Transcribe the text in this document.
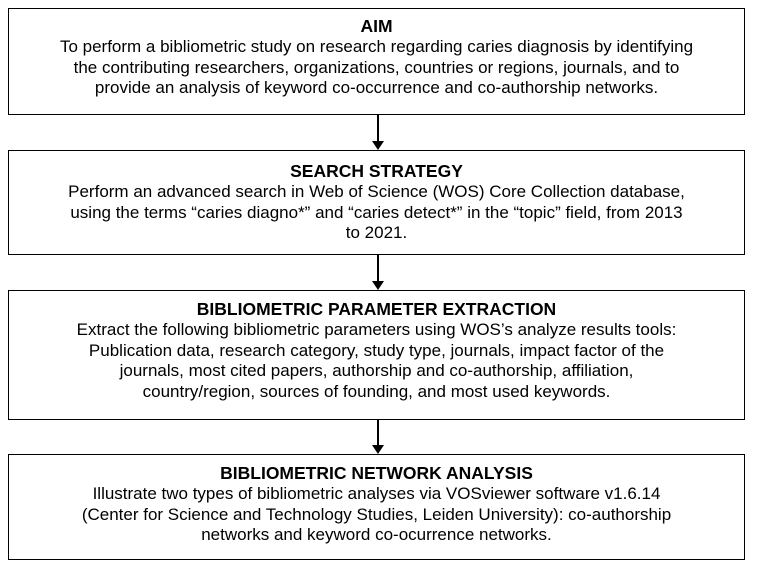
AIM
To perform a bibliometric study on research regarding caries diagnosis by identifying
the contributing researchers, organizations, countries or regions, journals, and to
provide an analysis of keyword co-occurrence and co-authorship networks.
SEARCH STRATEGY
Perform an advanced search in Web of Science (WOS) Core Collection database,
using the terms “caries diagno*” and “caries detect*” in the “topic” field, from 2013
to 2021.
BIBLIOMETRIC PARAMETER EXTRACTION
Extract the following bibliometric parameters using WOS’s analyze results tools:
Publication data, research category, study type, journals, impact factor of the
journals, most cited papers, authorship and co-authorship, affiliation,
country/region, sources of founding, and most used keywords.
BIBLIOMETRIC NETWORK ANALYSIS
Illustrate two types of bibliometric analyses via VOSviewer software v1.6.14
(Center for Science and Technology Studies, Leiden University): co-authorship
networks and keyword co-ocurrence networks.
